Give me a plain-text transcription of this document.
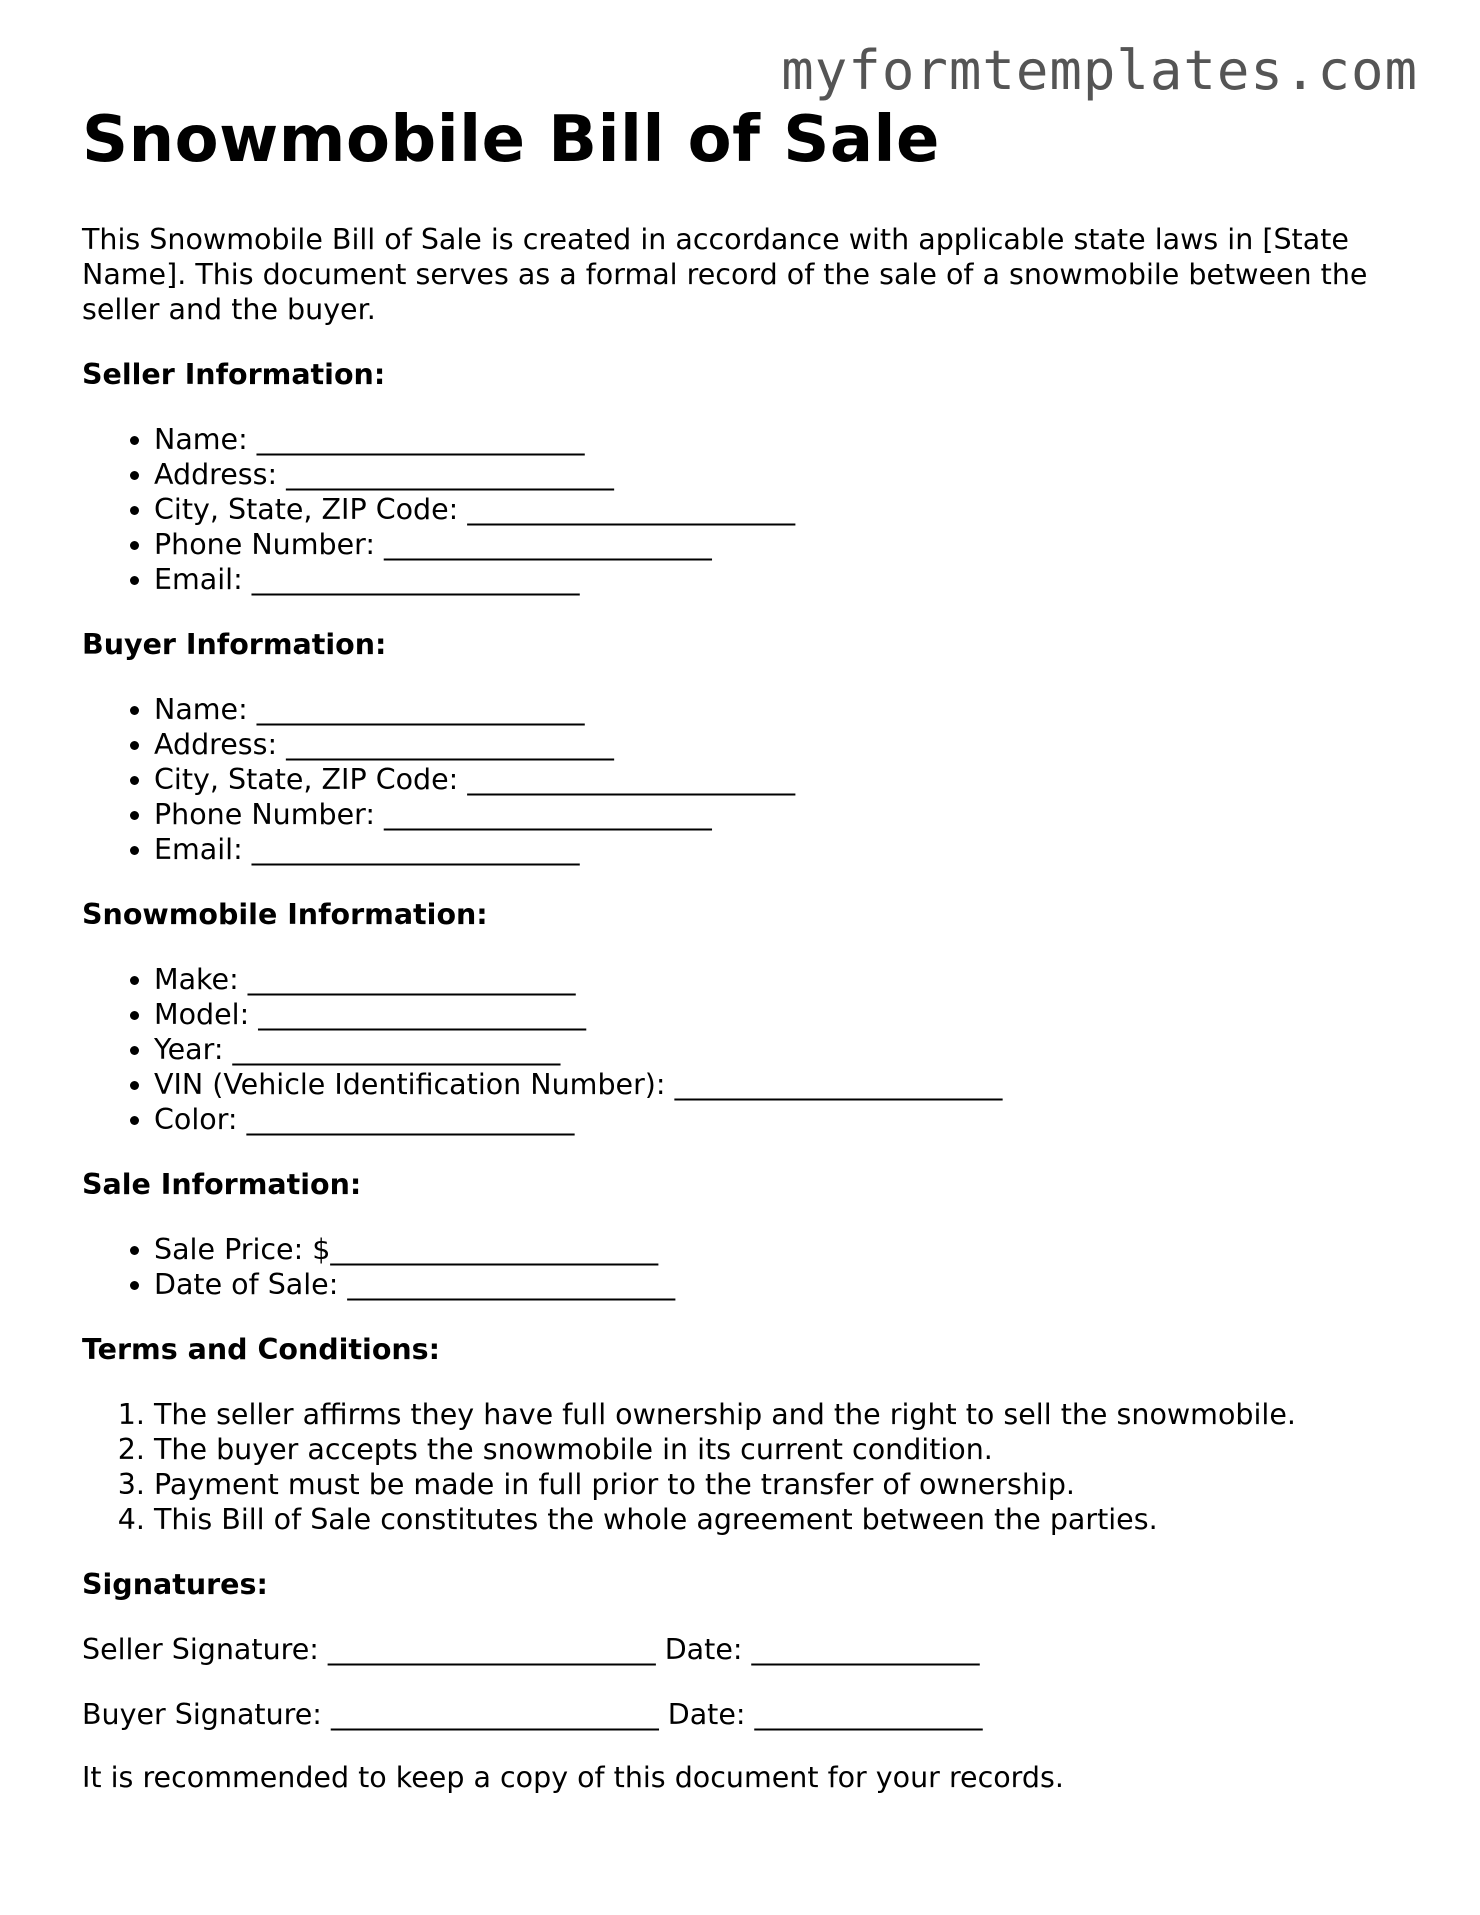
myformtemplates.com
Snowmobile Bill of Sale

This Snowmobile Bill of Sale is created in accordance with applicable state laws in [State Name]. This document serves as a formal record of the sale of a snowmobile between the seller and the buyer.

Seller Information:
• Name: _______________________
• Address: _______________________
• City, State, ZIP Code: _______________________
• Phone Number: _______________________
• Email: _______________________
Buyer Information:
• Name: _______________________
• Address: _______________________
• City, State, ZIP Code: _______________________
• Phone Number: _______________________
• Email: _______________________
Snowmobile Information:
• Make: _______________________
• Model: _______________________
• Year: _______________________
• VIN (Vehicle Identification Number): _______________________
• Color: _______________________
Sale Information:
• Sale Price: $_______________________
• Date of Sale: _______________________
Terms and Conditions:
1. The seller affirms they have full ownership and the right to sell the snowmobile.
2. The buyer accepts the snowmobile in its current condition.
3. Payment must be made in full prior to the transfer of ownership.
4. This Bill of Sale constitutes the whole agreement between the parties.
Signatures:

Seller Signature: _______________________ Date: ________________

Buyer Signature: _______________________ Date: ________________

It is recommended to keep a copy of this document for your records.
